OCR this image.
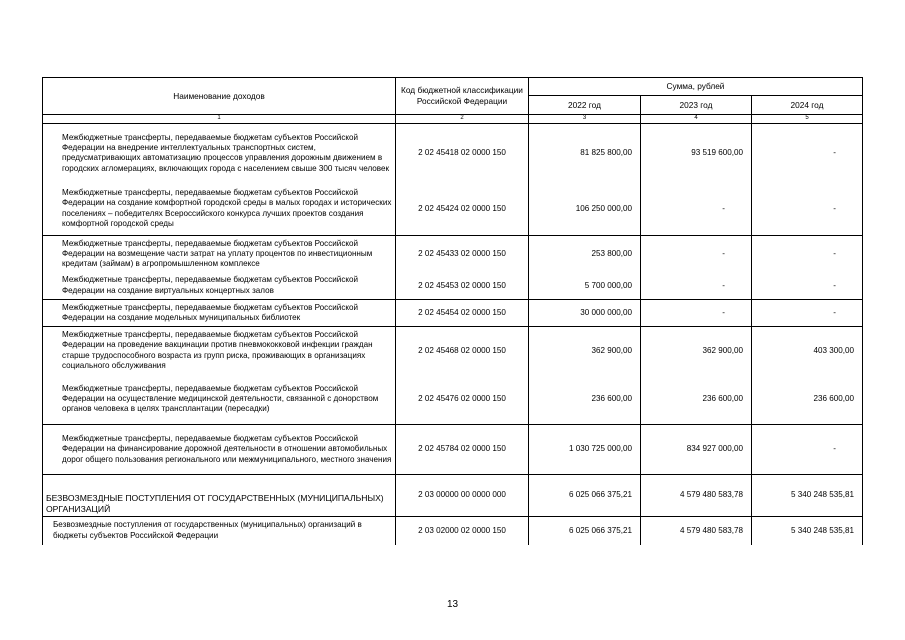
Наименование доходов	Код бюджетной классификации Российской Федерации	Сумма, рублей		
		2022 год	2023 год	2024 год
1	2	3	4	5
Межбюджетные трансферты, передаваемые бюджетам субъектов Российской Федерации на внедрение интеллектуальных транспортных систем, предусматривающих автоматизацию процессов управления дорожным движением в городских агломерациях, включающих города с населением свыше 300 тысяч человек	2 02 45418 02 0000 150	81 825 800,00	93 519 600,00	-
Межбюджетные трансферты, передаваемые бюджетам субъектов Российской Федерации на создание комфортной городской среды в малых городах и исторических поселениях – победителях Всероссийского конкурса лучших проектов создания комфортной городской среды	2 02 45424 02 0000 150	106 250 000,00	-	-
Межбюджетные трансферты, передаваемые бюджетам субъектов Российской Федерации на возмещение части затрат на уплату процентов по инвестиционным кредитам (займам) в агропромышленном комплексе	2 02 45433 02 0000 150	253 800,00	-	-
Межбюджетные трансферты, передаваемые бюджетам субъектов Российской Федерации на создание виртуальных концертных залов	2 02 45453 02 0000 150	5 700 000,00	-	-
Межбюджетные трансферты, передаваемые бюджетам субъектов Российской Федерации на создание модельных муниципальных библиотек	2 02 45454 02 0000 150	30 000 000,00	-	-
Межбюджетные трансферты, передаваемые бюджетам субъектов Российской Федерации на проведение вакцинации против пневмококковой инфекции граждан старше трудоспособного возраста из групп риска, проживающих в организациях социального обслуживания	2 02 45468 02 0000 150	362 900,00	362 900,00	403 300,00
Межбюджетные трансферты, передаваемые бюджетам субъектов Российской Федерации на осуществление медицинской деятельности, связанной с донорством органов человека в целях трансплантации (пересадки)	2 02 45476 02 0000 150	236 600,00	236 600,00	236 600,00
Межбюджетные трансферты, передаваемые бюджетам субъектов Российской Федерации на финансирование дорожной деятельности в отношении автомобильных дорог общего пользования регионального или межмуниципального, местного значения	2 02 45784 02 0000 150	1 030 725 000,00	834 927 000,00	-
БЕЗВОЗМЕЗДНЫЕ ПОСТУПЛЕНИЯ ОТ ГОСУДАРСТВЕННЫХ (МУНИЦИПАЛЬНЫХ) ОРГАНИЗАЦИЙ	2 03 00000 00 0000 000	6 025 066 375,21	4 579 480 583,78	5 340 248 535,81
Безвозмездные поступления от государственных (муниципальных) организаций в бюджеты субъектов Российской Федерации	2 03 02000 02 0000 150	6 025 066 375,21	4 579 480 583,78	5 340 248 535,81
13
